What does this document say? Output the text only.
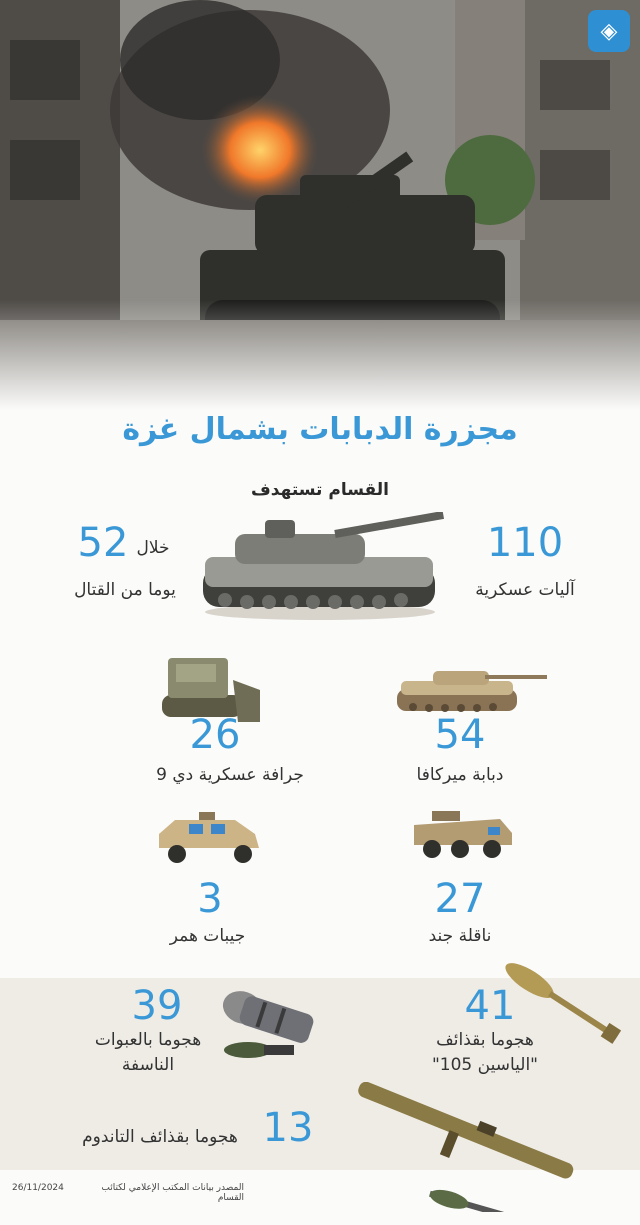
◈
مجزرة الدبابات بشمال غزة
القسام تستهدف
110
آليات عسكرية
52 خلال
يوما من القتال
54
دبابة ميركافا
26
جرافة عسكرية دي 9
27
ناقلة جند
3
جيبات همر
41
هجوما بقذائف
"الياسين 105"
39
هجوما بالعبوات
الناسفة
13
هجوما بقذائف التاندوم
26/11/2024	المصدر بيانات المكتب الإعلامي لكتائب القسام
